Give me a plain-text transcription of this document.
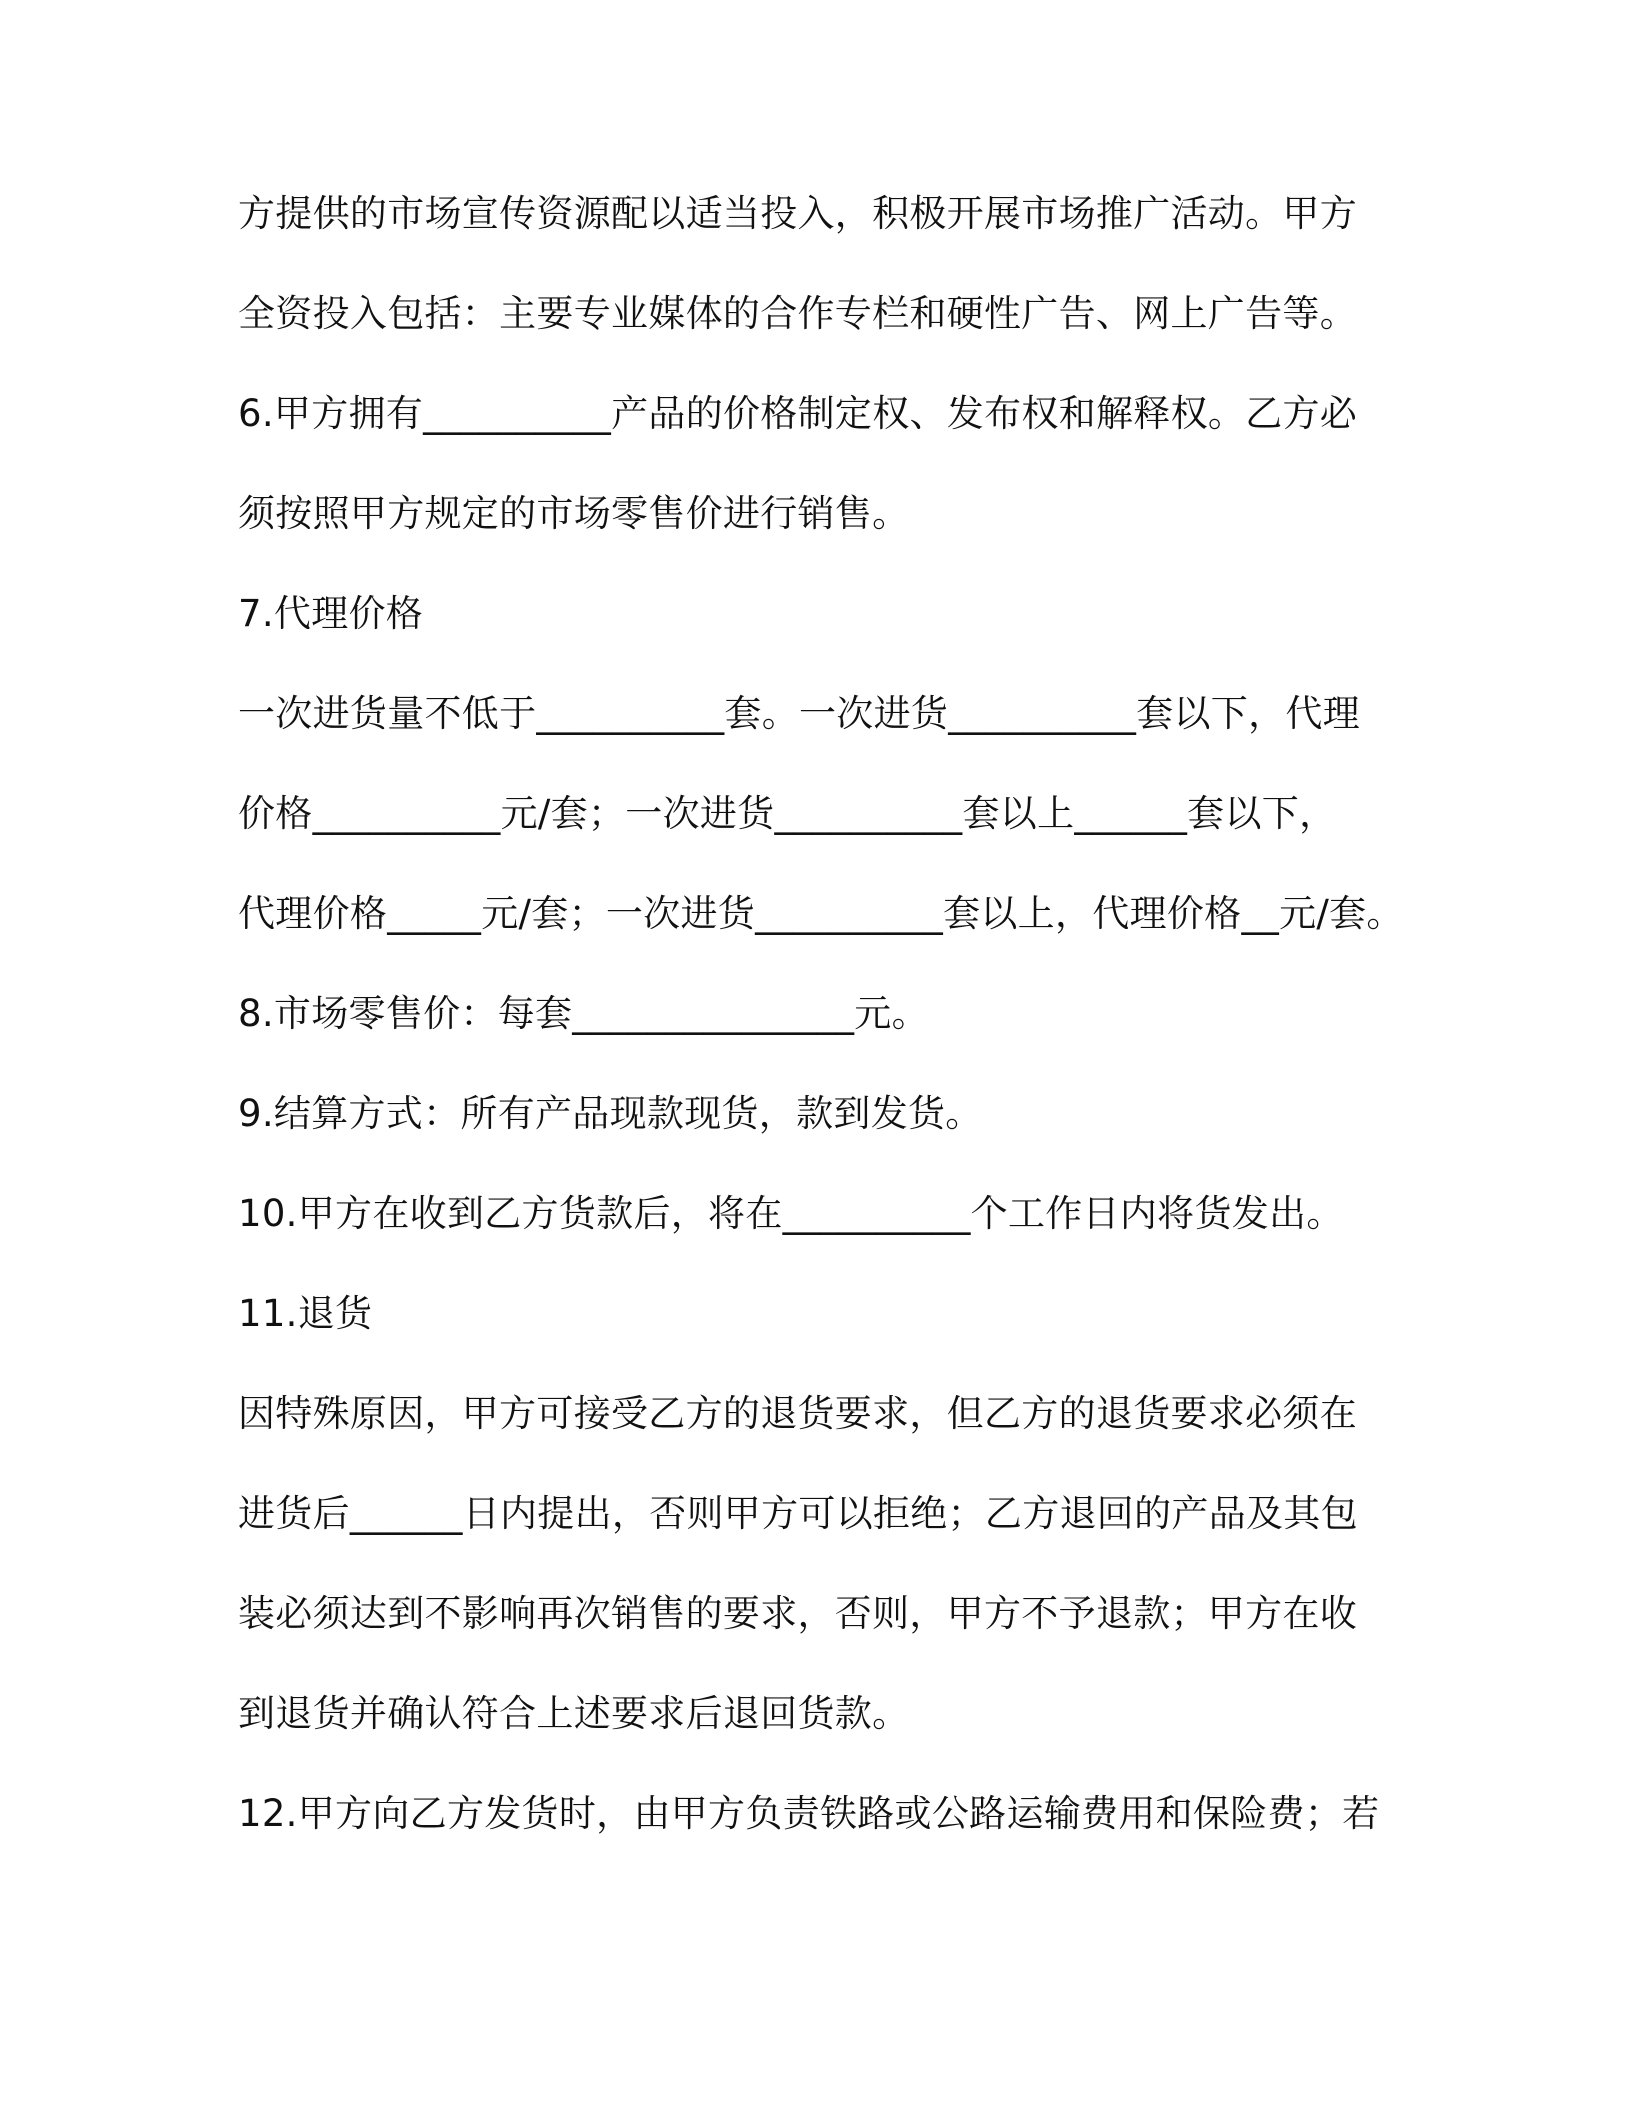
方提供的市场宣传资源配以适当投入，积极开展市场推广活动。甲方

全资投入包括：主要专业媒体的合作专栏和硬性广告、网上广告等。

6.甲方拥有__________产品的价格制定权、发布权和解释权。乙方必

须按照甲方规定的市场零售价进行销售。

7.代理价格

一次进货量不低于__________套。一次进货__________套以下，代理

价格__________元/套；一次进货__________套以上______套以下，

代理价格_____元/套；一次进货__________套以上，代理价格__元/套。

8.市场零售价：每套_______________元。

9.结算方式：所有产品现款现货，款到发货。

10.甲方在收到乙方货款后，将在__________个工作日内将货发出。

11.退货

因特殊原因，甲方可接受乙方的退货要求，但乙方的退货要求必须在

进货后______日内提出，否则甲方可以拒绝；乙方退回的产品及其包

装必须达到不影响再次销售的要求，否则，甲方不予退款；甲方在收

到退货并确认符合上述要求后退回货款。

12.甲方向乙方发货时，由甲方负责铁路或公路运输费用和保险费；若
